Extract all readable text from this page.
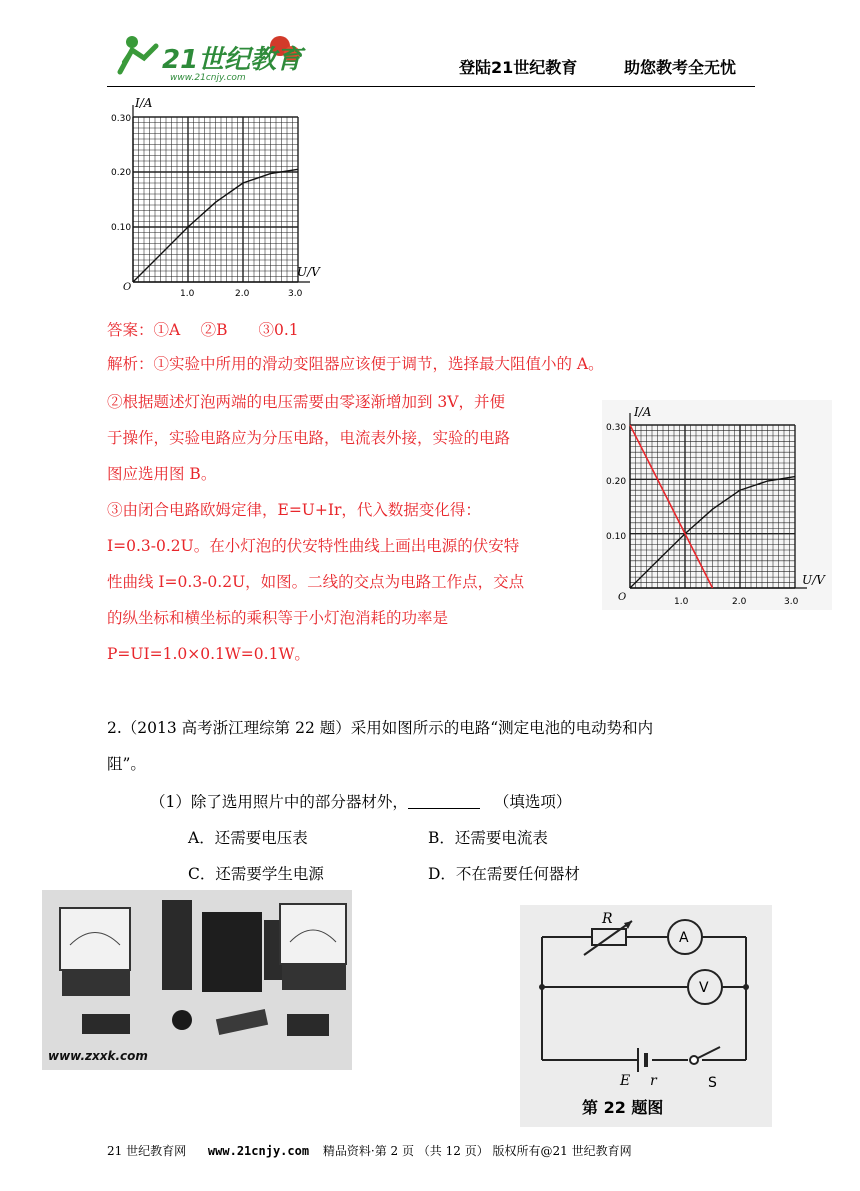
21世纪教育
www.21cnjy.com
登陆21世纪教育	助您教考全无忧
I/A
U/V
O
0.30
0.20
0.10
1.0	2.0	3.0
答案：①A　 ②B　　③0.1
解析：①实验中所用的滑动变阻器应该便于调节，选择最大阻值小的 A。
②根据题述灯泡两端的电压需要由零逐渐增加到 3V，并便
于操作，实验电路应为分压电路，电流表外接，实验的电路
图应选用图 B。
③由闭合电路欧姆定律，E=U+Ir，代入数据变化得：
I=0.3-0.2U。在小灯泡的伏安特性曲线上画出电源的伏安特
性曲线 I=0.3-0.2U，如图。二线的交点为电路工作点，交点
的纵坐标和横坐标的乘积等于小灯泡消耗的功率是
P=UI=1.0×0.1W=0.1W。
I/A
U/V
O
0.30
0.20
0.10
1.0	2.0	3.0
2.（2013 高考浙江理综第 22 题）采用如图所示的电路“测定电池的电动势和内
阻”。
（1）除了选用照片中的部分器材外，	（填选项）
A．还需要电压表	B．还需要电流表
C．还需要学生电源	D．不在需要任何器材
www.zxxk.com
R
A
V
E r	S
第 22 题图
21 世纪教育网 www.21cnjy.com 精品资料·第 2 页 （共 12 页） 版权所有@21 世纪教育网
